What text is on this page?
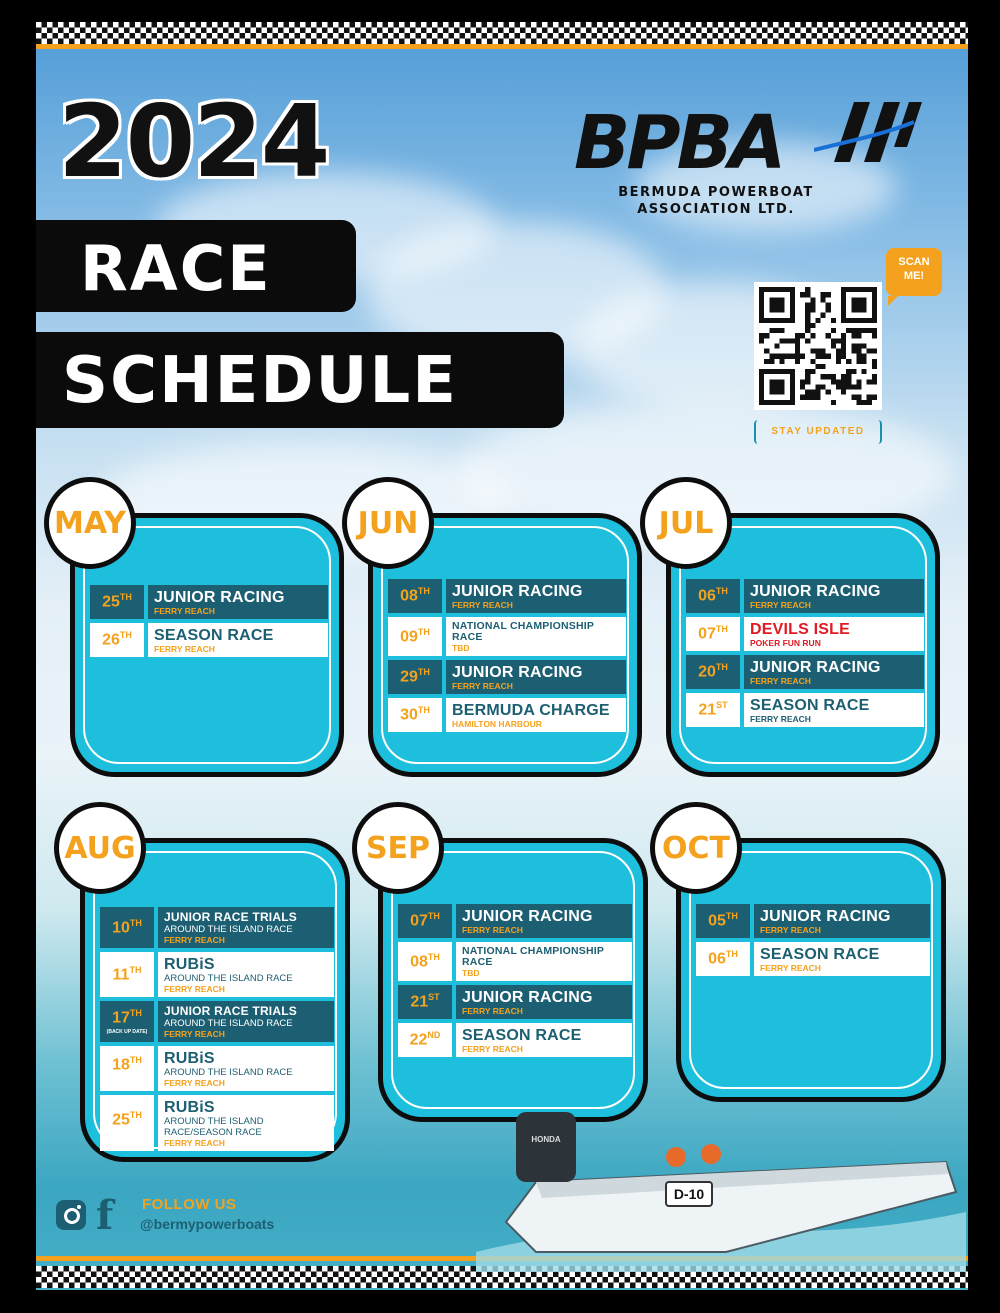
2024
RACE
SCHEDULE
BPBA
BERMUDA POWERBOAT
ASSOCIATION LTD.
SCAN
ME!
STAY UPDATED
MAY
25TH JUNIOR RACING
FERRY REACH
26TH SEASON RACE
FERRY REACH
JUN
08TH JUNIOR RACING
FERRY REACH
09TH NATIONAL CHAMPIONSHIP RACE
TBD
29TH JUNIOR RACING
FERRY REACH
30TH BERMUDA CHARGE
HAMILTON HARBOUR
JUL
06TH JUNIOR RACING
FERRY REACH
07TH DEVILS ISLE
POKER FUN RUN
20TH JUNIOR RACING
FERRY REACH
21ST SEASON RACE
FERRY REACH
AUG
10TH JUNIOR RACE TRIALS
AROUND THE ISLAND RACE
FERRY REACH
11TH RUBiS
AROUND THE ISLAND RACE
FERRY REACH
17TH
(BACK UP DATE)
JUNIOR RACE TRIALS
AROUND THE ISLAND RACE
FERRY REACH
18TH
(BACK UP DATE)
RUBiS
AROUND THE ISLAND RACE
FERRY REACH
25TH
(BACK UP DATE)
RUBiS
AROUND THE ISLAND RACE/SEASON RACE
FERRY REACH
SEP
07TH JUNIOR RACING
FERRY REACH
08TH NATIONAL CHAMPIONSHIP RACE
TBD
21ST JUNIOR RACING
FERRY REACH
22ND SEASON RACE
FERRY REACH
OCT
05TH JUNIOR RACING
FERRY REACH
06TH SEASON RACE
FERRY REACH
D-10
HONDA
f FOLLOW US
@bermypowerboats
